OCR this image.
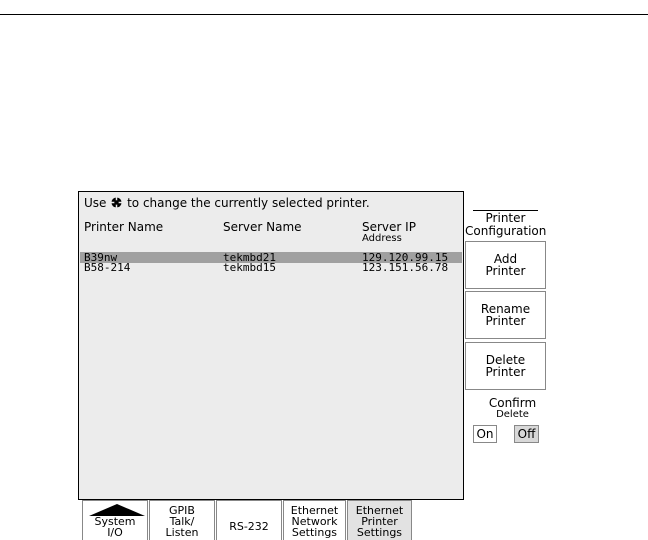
Use to change the currently selected printer.
Printer Name	Server Name	Server IP
Address
B39nw	tekmbd21	129.120.99.15
B58-214	tekmbd15	123.151.56.78
Printer
Configuration
Add
Printer
Rename
Printer
Delete
Printer
Confirm
Delete
On	Off
System
I/O
GPIB
Talk/
Listen	RS-232
Ethernet
Network
Settings
Ethernet
Printer
Settings
